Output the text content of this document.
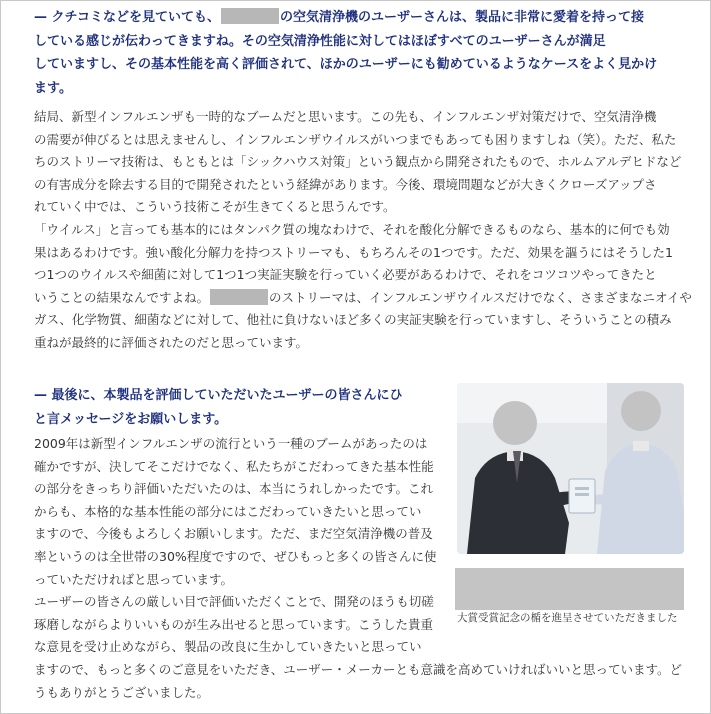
— クチコミなどを見ていても、	の空気清浄機のユーザーさんは、製品に非常に愛着を持って接

している感じが伝わってきますね。その空気清浄性能に対してはほぼすべてのユーザーさんが満足

していますし、その基本性能を高く評価されて、ほかのユーザーにも勧めているようなケースをよく見かけ

ます。

結局、新型インフルエンザも一時的なブームだと思います。この先も、インフルエンザ対策だけで、空気清浄機

の需要が伸びるとは思えませんし、インフルエンザウイルスがいつまでもあっても困りますしね（笑）。ただ、私た

ちのストリーマ技術は、もともとは「シックハウス対策」という観点から開発されたもので、ホルムアルデヒドなど

の有害成分を除去する目的で開発されたという経緯があります。今後、環境問題などが大きくクローズアップさ

れていく中では、こういう技術こそが生きてくると思うんです。

「ウイルス」と言っても基本的にはタンパク質の塊なわけで、それを酸化分解できるものなら、基本的に何でも効

果はあるわけです。強い酸化分解力を持つストリーマも、もちろんその1つです。ただ、効果を謳うにはそうした1

つ1つのウイルスや細菌に対して1つ1つ実証実験を行っていく必要があるわけで、それをコツコツやってきたと

いうことの結果なんですよね。	のストリーマは、インフルエンザウイルスだけでなく、さまざまなニオイや

ガス、化学物質、細菌などに対して、他社に負けないほど多くの実証実験を行っていますし、そういうことの積み

重ねが最終的に評価されたのだと思っています。

— 最後に、本製品を評価していただいたユーザーの皆さんにひ

と言メッセージをお願いします。

大賞受賞記念の楯を進呈させていただきました

2009年は新型インフルエンザの流行という一種のブームがあったのは

確かですが、決してそこだけでなく、私たちがこだわってきた基本性能

の部分をきっちり評価いただいたのは、本当にうれしかったです。これ

からも、本格的な基本性能の部分にはこだわっていきたいと思ってい

ますので、今後もよろしくお願いします。ただ、まだ空気清浄機の普及

率というのは全世帯の30%程度ですので、ぜひもっと多くの皆さんに使

っていただければと思っています。

ユーザーの皆さんの厳しい目で評価いただくことで、開発のほうも切磋

琢磨しながらよりいいものが生み出せると思っています。こうした貴重

な意見を受け止めながら、製品の改良に生かしていきたいと思ってい

ますので、もっと多くのご意見をいただき、ユーザー・メーカーとも意識を高めていければいいと思っています。ど

うもありがとうございました。
